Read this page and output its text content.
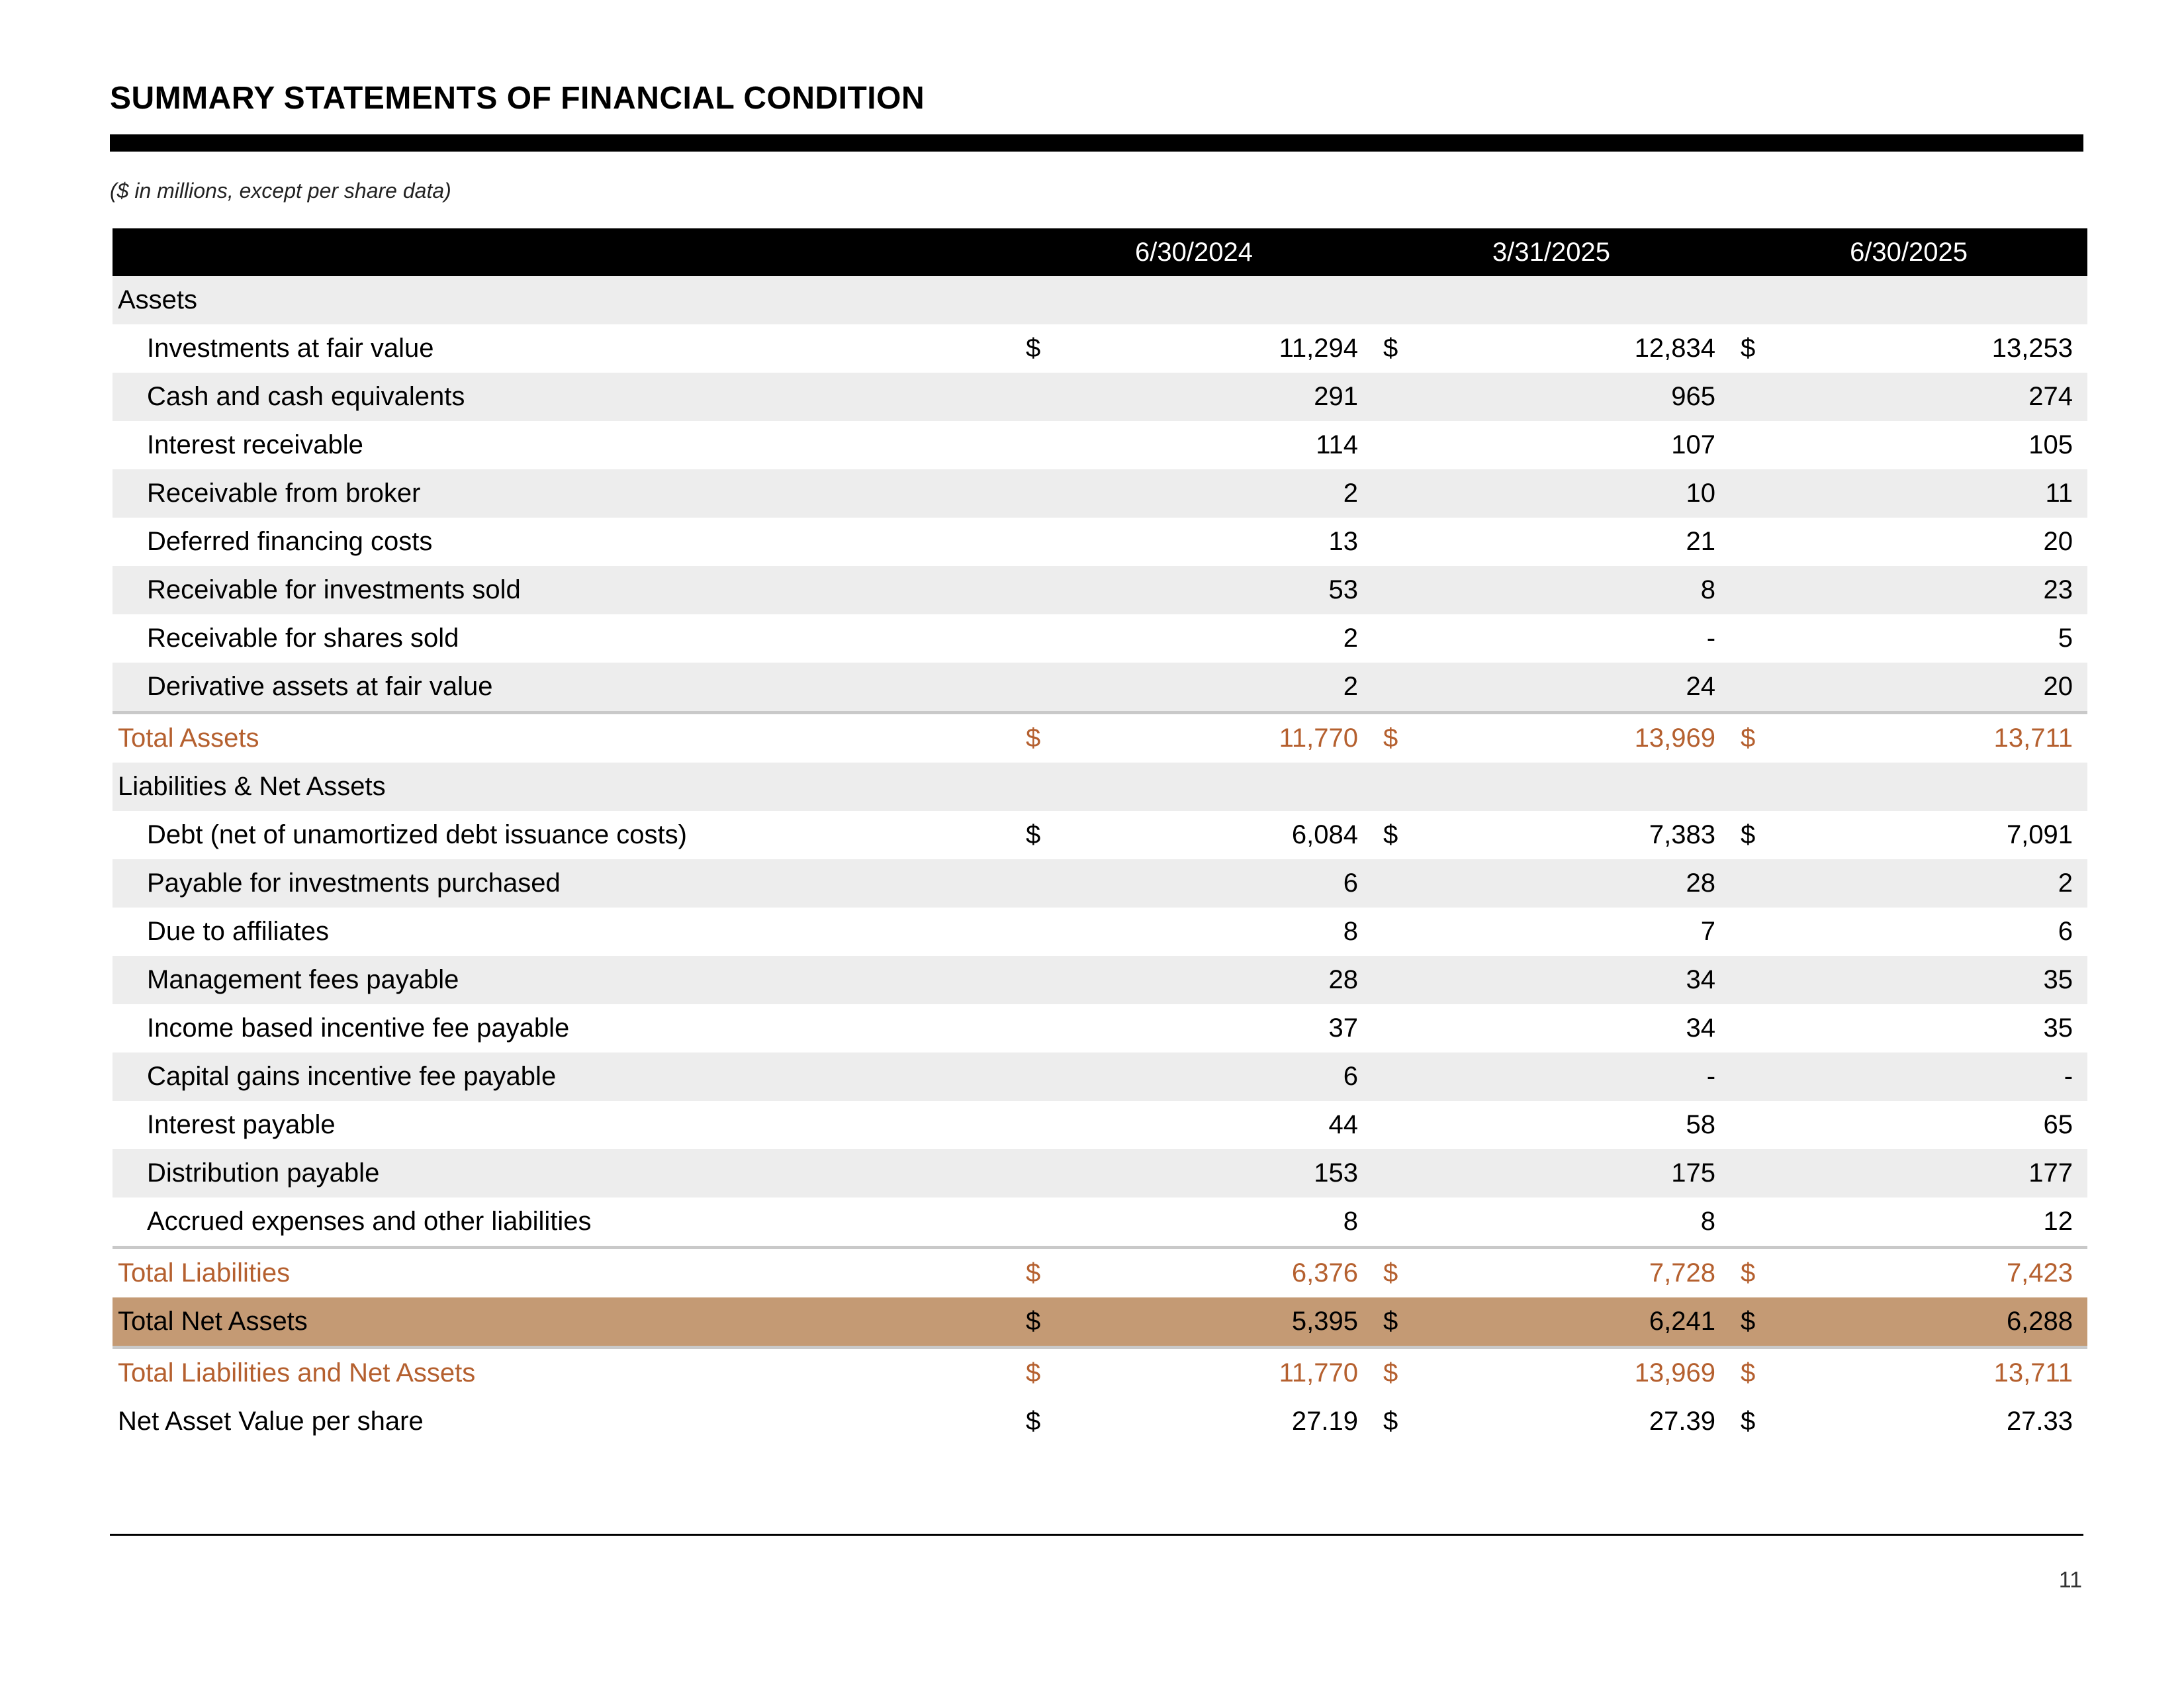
SUMMARY STATEMENTS OF FINANCIAL CONDITION
($ in millions, except per share data)
	6/30/2024		3/31/2025		6/30/2025	
Assets						
Investments at fair value	$	11,294	$	12,834	$	13,253
Cash and cash equivalents		291		965		274
Interest receivable		114		107		105
Receivable from broker		2		10		11
Deferred financing costs		13		21		20
Receivable for investments sold		53		8		23
Receivable for shares sold		2		-		5
Derivative assets at fair value		2		24		20
Total Assets	$	11,770	$	13,969	$	13,711
Liabilities & Net Assets						
Debt (net of unamortized debt issuance costs)	$	6,084	$	7,383	$	7,091
Payable for investments purchased		6		28		2
Due to affiliates		8		7		6
Management fees payable		28		34		35
Income based incentive fee payable		37		34		35
Capital gains incentive fee payable		6		-		-
Interest payable		44		58		65
Distribution payable		153		175		177
Accrued expenses and other liabilities		8		8		12
Total Liabilities	$	6,376	$	7,728	$	7,423
Total Net Assets	$	5,395	$	6,241	$	6,288
Total Liabilities and Net Assets	$	11,770	$	13,969	$	13,711
Net Asset Value per share	$	27.19	$	27.39	$	27.33
11
